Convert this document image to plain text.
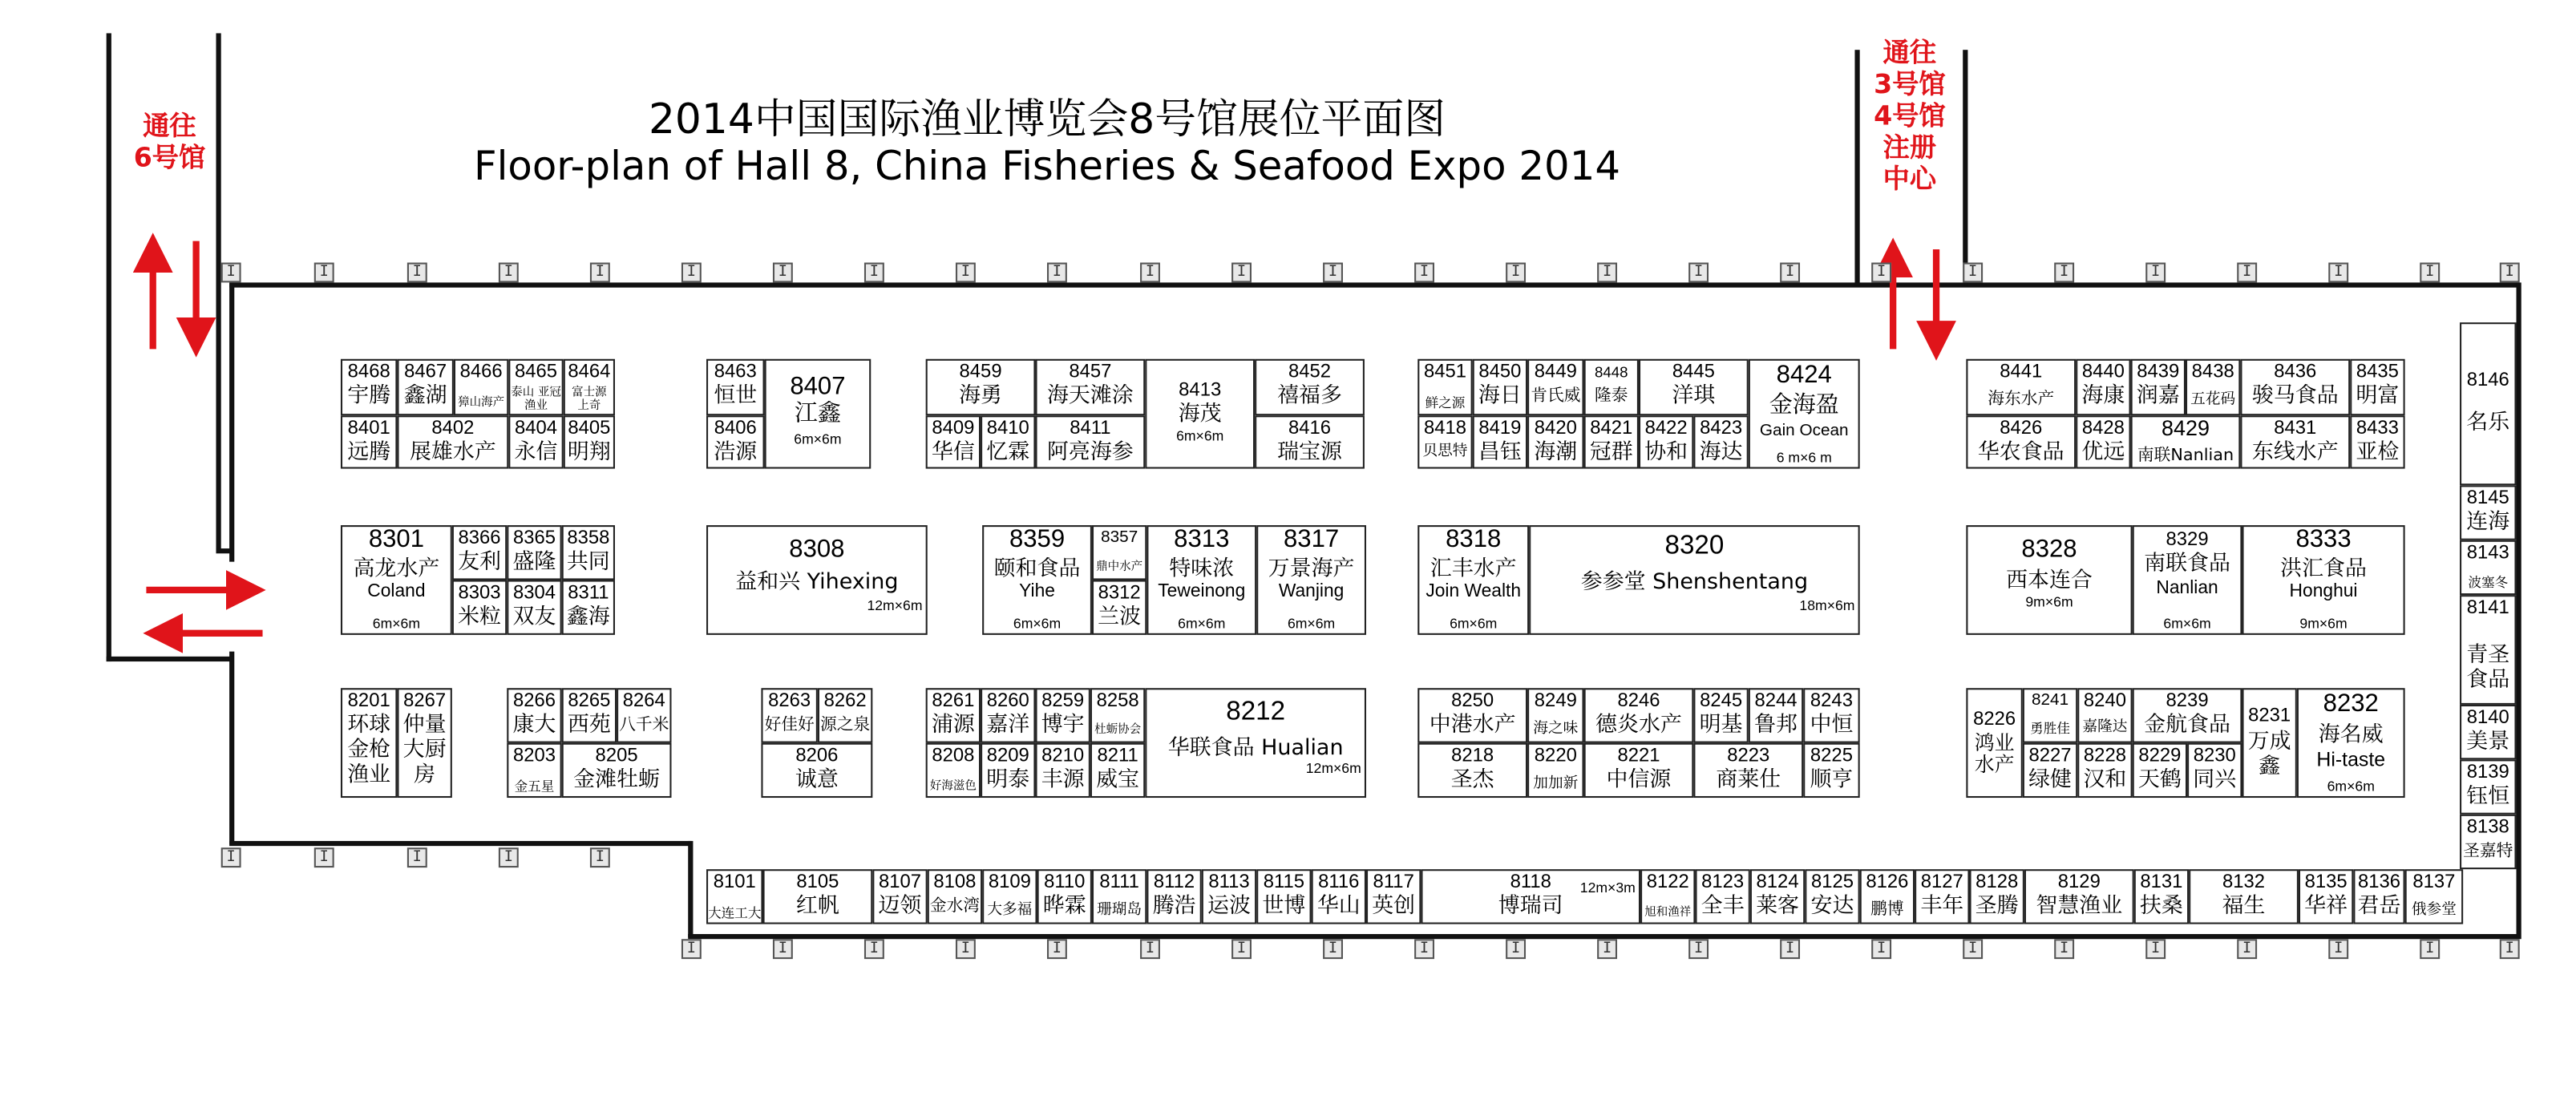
2014中国国际渔业博览会8号馆展位平面图
Floor-plan of Hall 8, China Fisheries & Seafood Expo 2014
通往
6号馆
通往
3号馆
4号馆
注册
中心
I
I
I
I
I
I
I
I
I
I
I
I
I
I
I
I
I
I
I
I
I
I
I
I
I
I
I
I
I
I
I
I
I
I
I
I
I
I
I
I
I
I
I
I
I
I
I
I
I
I
I
I
8468
宇腾
8467
鑫湖
8466
獐山海产
8465
泰山 亚冠渔业
8464
富士源 上奇
8401
远腾
8402
展雄水产
8404
永信
8405
明翔
8463
恒世
8406
浩源
8407
江鑫
6m×6m
8459
海勇
8457
海天滩涂
8409
华信
8410
忆霖
8411
阿亮海参
8413
海茂
6m×6m
8452
禧福多
8416
瑞宝源
8451
鲜之源
8450
海日
8449
肯氏威
8448
隆泰
8445
洋琪
8424
金海盈
Gain Ocean
6 m×6 m
8418
贝思特
8419
昌钰
8420
海潮
8421
冠群
8422
协和
8423
海达
8441
海东水产
8440
海康
8439
润嘉
8438
五花码
8436
骏马食品
8435
明富
8426
华农食品
8428
优远
8429
南联Nanlian
8431
东线水产
8433
亚检
8146
名乐
8301
高龙水产
Coland
6m×6m
8366
友利
8365
盛隆
8358
共同
8303
米粒
8304
双友
8311
鑫海
8308
益和兴 Yihexing
12m×6m
8359
颐和食品
Yihe
6m×6m
8357
鼎中水产
8312
兰波
8313
特味浓
Teweinong
6m×6m
8317
万景海产
Wanjing
6m×6m
8318
汇丰水产
Join Wealth
6m×6m
8320
参参堂 Shenshentang
18m×6m
8328
西本连合
9m×6m
8329
南联食品
Nanlian
6m×6m
8333
洪汇食品
Honghui
9m×6m
8145
连海
8143
波塞冬
8141
青圣食品
8201
环球金枪渔业
8267
仲量大厨房
8266
康大
8265
西苑
8264
八千米
8203
金五星
8205
金滩牡蛎
8263
好佳好
8262
源之泉
8206
诚意
8261
浦源
8260
嘉洋
8259
博宇
8258
杜蛎协会
8208
好海滋色
8209
明泰
8210
丰源
8211
威宝
8212
华联食品 Hualian
12m×6m
8250
中港水产
8249
海之味
8246
德炎水产
8245
明基
8244
鲁邦
8243
中恒
8218
圣杰
8220
加加新
8221
中信源
8223
商莱仕
8225
顺亨
8226
鸿业水产
8241
勇胜佳
8240
嘉隆达
8239
金航食品	8231
万成鑫
8232
海名威
Hi-taste
6m×6m
8227
绿健
8228
汉和
8229
天鹤
8230
同兴
8140
美景
8139
钰恒
8138
圣嘉特
8101
大连工大
8105
红帆
8107
迈领
8108
金水湾
8109
大多福
8110
晔霖
8111
珊瑚岛
8112
腾浩
8113
运波
8115
世博
8116
华山
8117
英创
8118
博瑞司
12m×3m	8122
旭和渔祥
8123
全丰
8124
莱客
8125
安达
8126
鹏博
8127
丰年
8128
圣腾
8129
智慧渔业
8131
扶桑
8132
福生
8135
华祥
8136
君岳
8137
俄参堂
